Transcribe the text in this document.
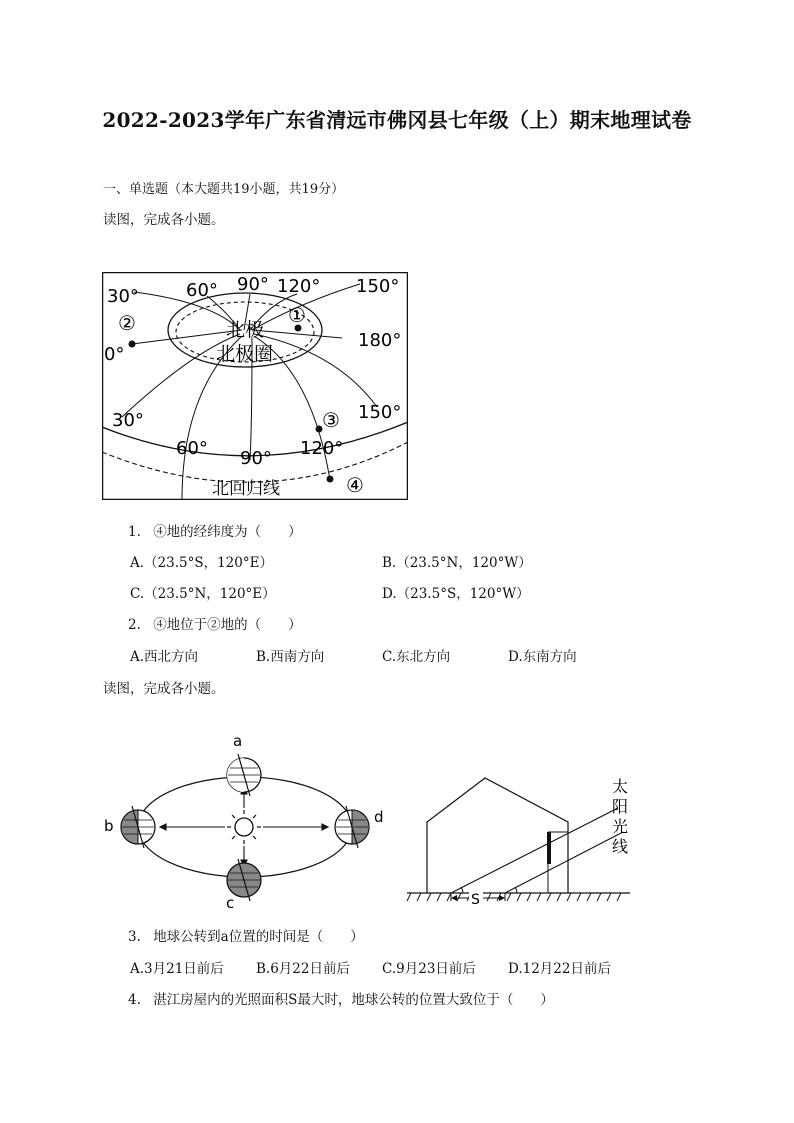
2022-2023学年广东省清远市佛冈县七年级（上）期末地理试卷
一、单选题（本大题共19小题，共19分）
读图，完成各小题。
30°	60° 90° 120° 150°
180°
0°
30°
60° 90° 120°
150°
①
②
③
④
北极
北极圈
北回归线
1. ④地的经纬度为（　　）
A.（23.5°S，120°E）	B.（23.5°N，120°W）
C.（23.5°N，120°E）	D.（23.5°S，120°W）
2. ④地位于②地的（　　）
A.西北方向	B.西南方向	C.东北方向	D.东南方向
读图，完成各小题。
a
b
c
d
S
太
阳
光
线
3. 地球公转到a位置的时间是（　　）
A.3月21日前后 B.6月22日前后 C.9月23日前后 D.12月22日前后
4. 湛江房屋内的光照面积S最大时，地球公转的位置大致位于（　　）
